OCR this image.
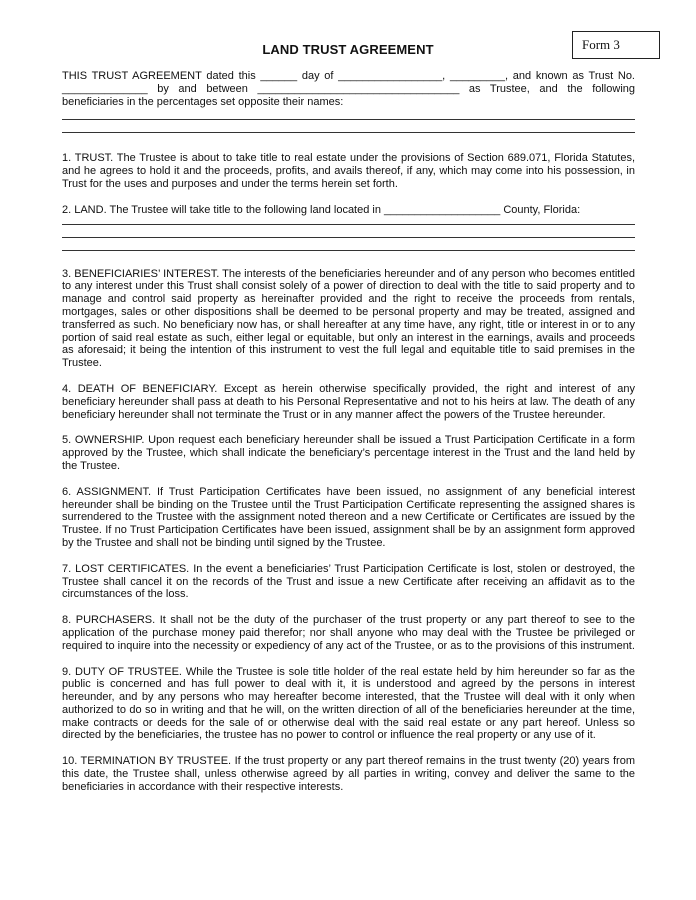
Form 3
LAND TRUST AGREEMENT

THIS TRUST AGREEMENT dated this ______ day of _________________, _________, and known as Trust No. ______________ by and between _________________________________ as Trustee, and the following beneficiaries in the percentages set opposite their names:

1. TRUST. The Trustee is about to take title to real estate under the provisions of Section 689.071, Florida Statutes, and he agrees to hold it and the proceeds, profits, and avails thereof, if any, which may come into his possession, in Trust for the uses and purposes and under the terms herein set forth.

2. LAND. The Trustee will take title to the following land located in ___________________ County, Florida:

3. BENEFICIARIES’ INTEREST. The interests of the beneficiaries hereunder and of any person who becomes entitled to any interest under this Trust shall consist solely of a power of direction to deal with the title to said property and to manage and control said property as hereinafter provided and the right to receive the proceeds from rentals, mortgages, sales or other dispositions shall be deemed to be personal property and may be treated, assigned and transferred as such. No beneficiary now has, or shall hereafter at any time have, any right, title or interest in or to any portion of said real estate as such, either legal or equitable, but only an interest in the earnings, avails and proceeds as aforesaid; it being the intention of this instrument to vest the full legal and equitable title to said premises in the Trustee.

4. DEATH OF BENEFICIARY. Except as herein otherwise specifically provided, the right and interest of any beneficiary hereunder shall pass at death to his Personal Representative and not to his heirs at law. The death of any beneficiary hereunder shall not terminate the Trust or in any manner affect the powers of the Trustee hereunder.

5. OWNERSHIP. Upon request each beneficiary hereunder shall be issued a Trust Participation Certificate in a form approved by the Trustee, which shall indicate the beneficiary’s percentage interest in the Trust and the land held by the Trustee.

6. ASSIGNMENT. If Trust Participation Certificates have been issued, no assignment of any beneficial interest hereunder shall be binding on the Trustee until the Trust Participation Certificate representing the assigned shares is surrendered to the Trustee with the assignment noted thereon and a new Certificate or Certificates are issued by the Trustee. If no Trust Participation Certificates have been issued, assignment shall be by an assignment form approved by the Trustee and shall not be binding until signed by the Trustee.

7. LOST CERTIFICATES. In the event a beneficiaries’ Trust Participation Certificate is lost, stolen or destroyed, the Trustee shall cancel it on the records of the Trust and issue a new Certificate after receiving an affidavit as to the circumstances of the loss.

8. PURCHASERS. It shall not be the duty of the purchaser of the trust property or any part thereof to see to the application of the purchase money paid therefor; nor shall anyone who may deal with the Trustee be privileged or required to inquire into the necessity or expediency of any act of the Trustee, or as to the provisions of this instrument.

9. DUTY OF TRUSTEE. While the Trustee is sole title holder of the real estate held by him hereunder so far as the public is concerned and has full power to deal with it, it is understood and agreed by the persons in interest hereunder, and by any persons who may hereafter become interested, that the Trustee will deal with it only when authorized to do so in writing and that he will, on the written direction of all of the beneficiaries hereunder at the time, make contracts or deeds for the sale of or otherwise deal with the said real estate or any part hereof. Unless so directed by the beneficiaries, the trustee has no power to control or influence the real property or any use of it.

10. TERMINATION BY TRUSTEE. If the trust property or any part thereof remains in the trust twenty (20) years from this date, the Trustee shall, unless otherwise agreed by all parties in writing, convey and deliver the same to the beneficiaries in accordance with their respective interests.
